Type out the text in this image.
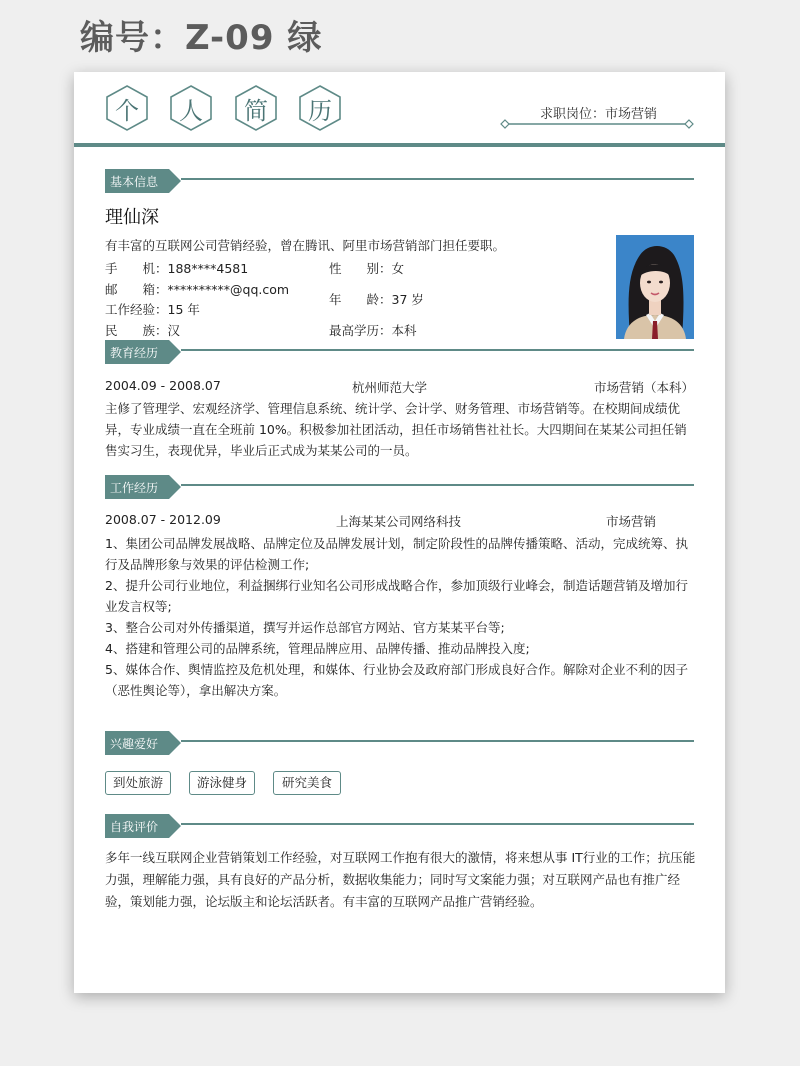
编号：Z-09 绿
个 人 简 历	求职岗位：市场营销
基本信息
理仙深
有丰富的互联网公司营销经验，曾在腾讯、阿里市场营销部门担任要职。
手　　机：188****4581	性　　别：女
邮　　箱：**********@qq.com
年　　龄：37 岁
工作经验：15 年
民　　族：汉	最高学历：本科
教育经历
2004.09 - 2008.07	杭州师范大学	市场营销（本科）
主修了管理学、宏观经济学、管理信息系统、统计学、会计学、财务管理、市场营销等。在校期间成绩优异，专业成绩一直在全班前 10%。积极参加社团活动，担任市场销售社社长。大四期间在某某公司担任销售实习生，表现优异，毕业后正式成为某某公司的一员。
工作经历
2008.07 - 2012.09	上海某某公司网络科技	市场营销
1、集团公司品牌发展战略、品牌定位及品牌发展计划，制定阶段性的品牌传播策略、活动，完成统筹、执行及品牌形象与效果的评估检测工作;
2、提升公司行业地位，利益捆绑行业知名公司形成战略合作，参加顶级行业峰会，制造话题营销及增加行业发言权等;
3、整合公司对外传播渠道，撰写并运作总部官方网站、官方某某平台等;
4、搭建和管理公司的品牌系统，管理品牌应用、品牌传播、推动品牌投入度;
5、媒体合作、舆情监控及危机处理，和媒体、行业协会及政府部门形成良好合作。解除对企业不利的因子（恶性舆论等），拿出解决方案。
兴趣爱好
到处旅游	游泳健身	研究美食
自我评价
多年一线互联网企业营销策划工作经验，对互联网工作抱有很大的激情，将来想从事 IT行业的工作；抗压能力强，理解能力强，具有良好的产品分析，数据收集能力；同时写文案能力强；对互联网产品也有推广经验，策划能力强，论坛版主和论坛活跃者。有丰富的互联网产品推广营销经验。
